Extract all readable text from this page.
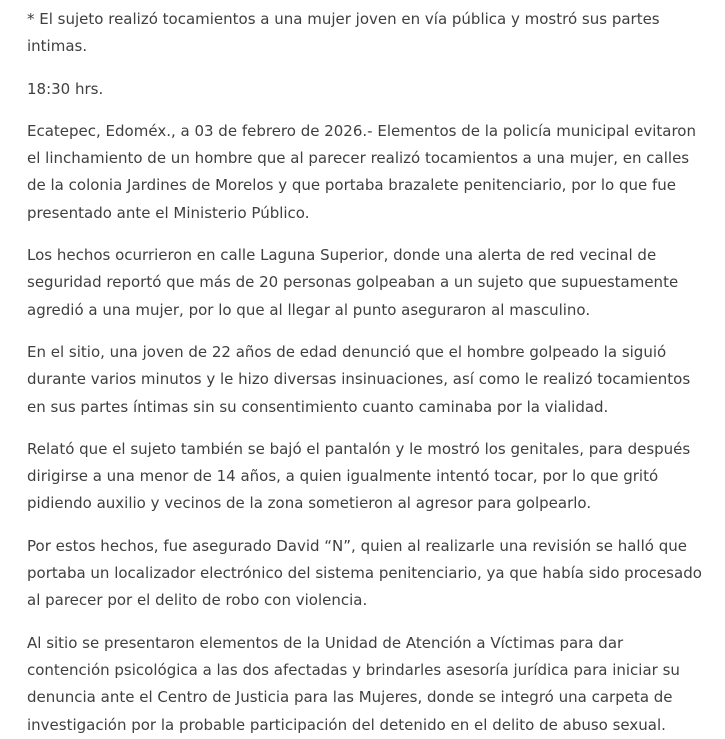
* El sujeto realizó tocamientos a una mujer joven en vía pública y mostró sus partes intimas.

18:30 hrs.

Ecatepec, Edoméx., a 03 de febrero de 2026.- Elementos de la policía municipal evitaron el linchamiento de un hombre que al parecer realizó tocamientos a una mujer, en calles de la colonia Jardines de Morelos y que portaba brazalete penitenciario, por lo que fue presentado ante el Ministerio Público.

Los hechos ocurrieron en calle Laguna Superior, donde una alerta de red vecinal de seguridad reportó que más de 20 personas golpeaban a un sujeto que supuestamente agredió a una mujer, por lo que al llegar al punto aseguraron al masculino.

En el sitio, una joven de 22 años de edad denunció que el hombre golpeado la siguió durante varios minutos y le hizo diversas insinuaciones, así como le realizó tocamientos en sus partes íntimas sin su consentimiento cuanto caminaba por la vialidad.

Relató que el sujeto también se bajó el pantalón y le mostró los genitales, para después dirigirse a una menor de 14 años, a quien igualmente intentó tocar, por lo que gritó pidiendo auxilio y vecinos de la zona sometieron al agresor para golpearlo.

Por estos hechos, fue asegurado David “N”, quien al realizarle una revisión se halló que portaba un localizador electrónico del sistema penitenciario, ya que había sido procesado al parecer por el delito de robo con violencia.

Al sitio se presentaron elementos de la Unidad de Atención a Víctimas para dar contención psicológica a las dos afectadas y brindarles asesoría jurídica para iniciar su denuncia ante el Centro de Justicia para las Mujeres, donde se integró una carpeta de investigación por la probable participación del detenido en el delito de abuso sexual.
